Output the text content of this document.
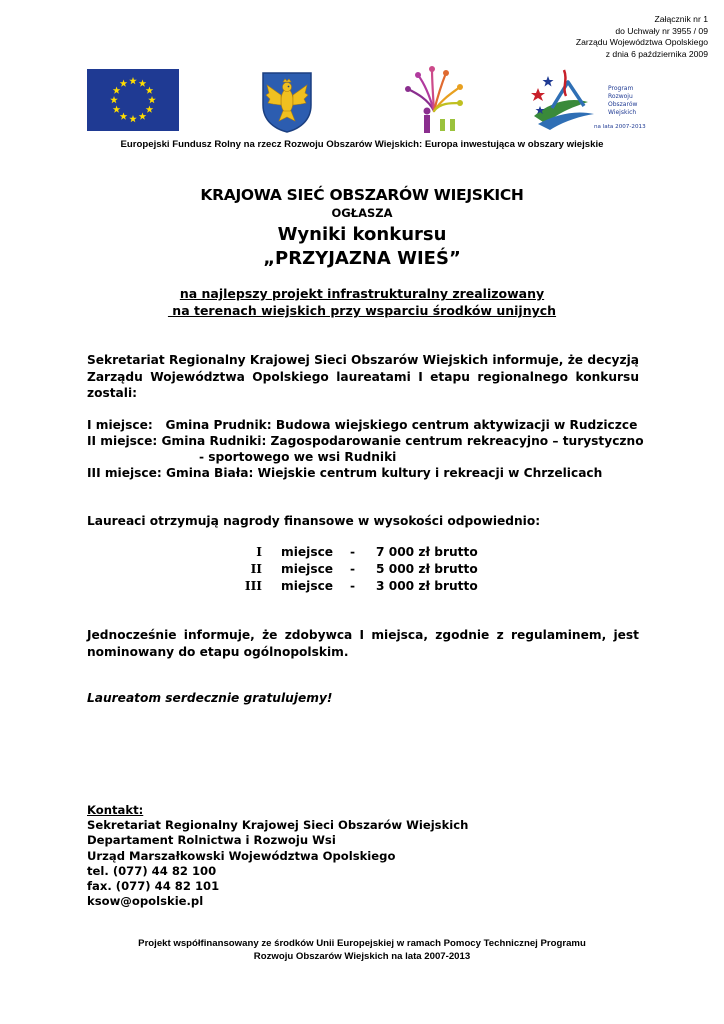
Załącznik nr 1
do Uchwały nr 3955 / 09
Zarządu Województwa Opolskiego
z dnia 6 października 2009
Program
Rozwoju
Obszarów
Wiejskich
na lata 2007-2013
Europejski Fundusz Rolny na rzecz Rozwoju Obszarów Wiejskich: Europa inwestująca w obszary wiejskie
KRAJOWA SIEĆ OBSZARÓW WIEJSKICH
OGŁASZA
Wyniki konkursu
„PRZYJAZNA WIEŚ”
na najlepszy projekt infrastrukturalny zrealizowany
na terenach wiejskich przy wsparciu środków unijnych
Sekretariat Regionalny Krajowej Sieci Obszarów Wiejskich informuje, że decyzją Zarządu Województwa Opolskiego laureatami I etapu regionalnego konkursu zostali:
I miejsce:   Gmina Prudnik: Budowa wiejskiego centrum aktywizacji w Rudziczce
II miejsce: Gmina Rudniki: Zagospodarowanie centrum rekreacyjno – turystyczno
- sportowego we wsi Rudniki
III miejsce: Gmina Biała: Wiejskie centrum kultury i rekreacji w Chrzelicach
Laureaci otrzymują nagrody finansowe w wysokości odpowiednio:
I miejsce - 7 000 zł brutto
II miejsce - 5 000 zł brutto
III miejsce - 3 000 zł brutto
Jednocześnie informuje, że zdobywca I miejsca, zgodnie z regulaminem, jest nominowany do etapu ogólnopolskim.
Laureatom serdecznie gratulujemy!
Kontakt:
Sekretariat Regionalny Krajowej Sieci Obszarów Wiejskich
Departament Rolnictwa i Rozwoju Wsi
Urząd Marszałkowski Województwa Opolskiego
tel. (077) 44 82 100
fax. (077) 44 82 101
ksow@opolskie.pl
Projekt współfinansowany ze środków Unii Europejskiej w ramach Pomocy Technicznej Programu
Rozwoju Obszarów Wiejskich na lata 2007-2013
